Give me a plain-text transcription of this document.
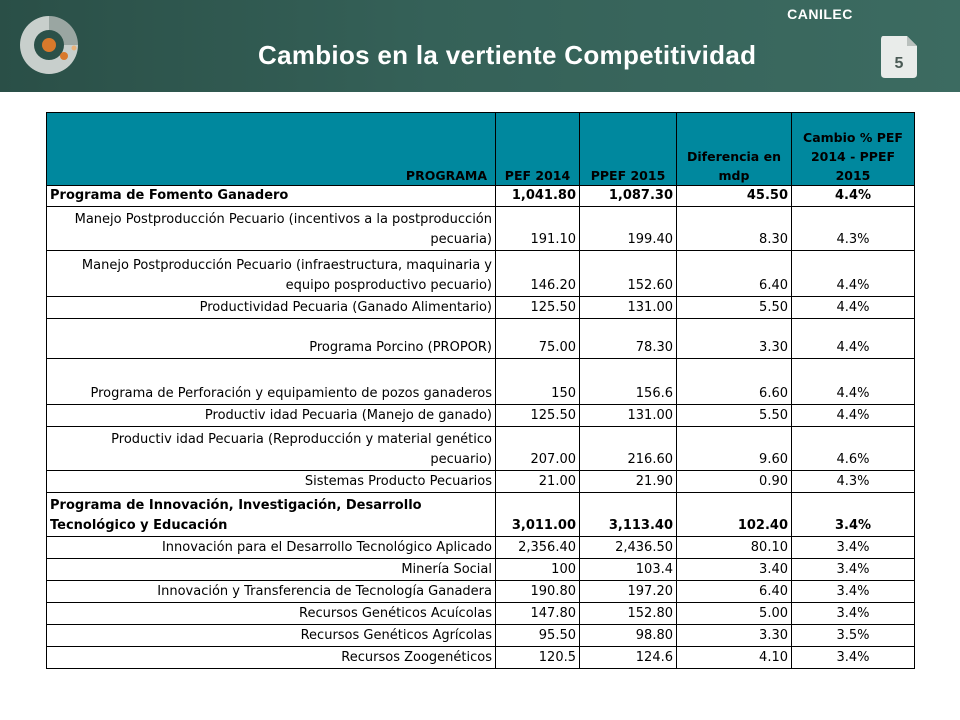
CANILEC
Cambios en la vertiente Competitividad	5
PROGRAMA	PEF 2014	PPEF 2015	Diferencia en mdp	Cambio % PEF 2014 - PPEF 2015
Programa de Fomento Ganadero	1,041.80	1,087.30	45.50	4.4%
Manejo Postproducción Pecuario (incentivos a la postproducción pecuaria)	191.10	199.40	8.30	4.3%
Manejo Postproducción Pecuario (infraestructura, maquinaria y equipo posproductivo pecuario)	146.20	152.60	6.40	4.4%
Productividad Pecuaria (Ganado Alimentario)	125.50	131.00	5.50	4.4%
Programa Porcino (PROPOR)	75.00	78.30	3.30	4.4%
Programa de Perforación y equipamiento de pozos ganaderos	150	156.6	6.60	4.4%
Productiv idad Pecuaria (Manejo de ganado)	125.50	131.00	5.50	4.4%
Productiv idad Pecuaria (Reproducción y material genético pecuario)	207.00	216.60	9.60	4.6%
Sistemas Producto Pecuarios	21.00	21.90	0.90	4.3%
Programa de Innovación, Investigación, Desarrollo Tecnológico y Educación	3,011.00	3,113.40	102.40	3.4%
Innovación para el Desarrollo Tecnológico Aplicado	2,356.40	2,436.50	80.10	3.4%
Minería Social	100	103.4	3.40	3.4%
Innovación y Transferencia de Tecnología Ganadera	190.80	197.20	6.40	3.4%
Recursos Genéticos Acuícolas	147.80	152.80	5.00	3.4%
Recursos Genéticos Agrícolas	95.50	98.80	3.30	3.5%
Recursos Zoogenéticos	120.5	124.6	4.10	3.4%
